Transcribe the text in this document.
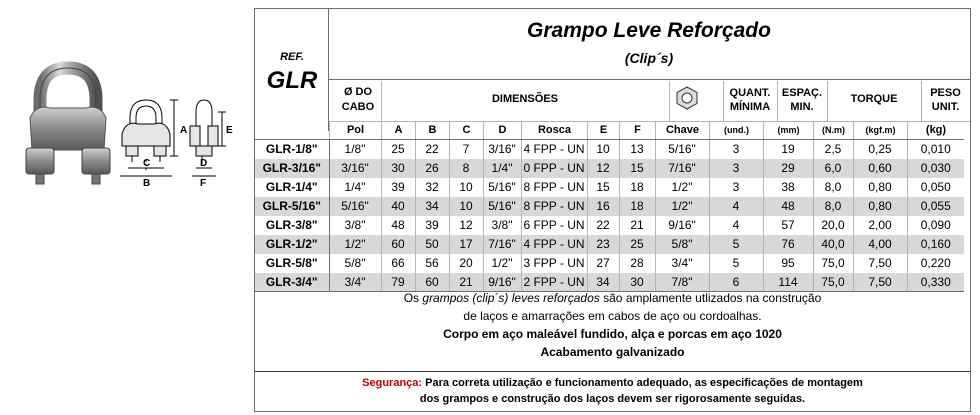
A
C
B
E
D
F
REF.
GLR
Grampo Leve Reforçado
(Clip´s)
Ø DO
CABO
DIMENSÕES	QUANT.
MÍNIMA
ESPAÇ.
MIN.
TORQUE	PESO
UNIT.
Pol	A	B	C	D	Rosca	E	F	Chave	(und.)	(mm)	(N.m)	(kgf.m)	(kg)
GLR-1/8"	1/8"	25	22	7	3/16"	4 FPP - UN	10	13	5/16"	3	19	2,5	0,25	0,010
GLR-3/16"	3/16"	30	26	8	1/4"	0 FPP - UN	12	15	7/16"	3	29	6,0	0,60	0,030
GLR-1/4"	1/4"	39	32	10	5/16"	8 FPP - UN	15	18	1/2"	3	38	8,0	0,80	0,050
GLR-5/16"	5/16"	40	34	10	5/16"	8 FPP - UN	16	18	1/2"	4	48	8,0	0,80	0,055
GLR-3/8"	3/8"	48	39	12	3/8"	6 FPP - UN	22	21	9/16"	4	57	20,0	2,00	0,090
GLR-1/2"	1/2"	60	50	17	7/16"	4 FPP - UN	23	25	5/8"	5	76	40,0	4,00	0,160
GLR-5/8"	5/8"	66	56	20	1/2"	3 FPP - UN	27	28	3/4"	5	95	75,0	7,50	0,220
GLR-3/4"	3/4"	79	60	21	9/16"	2 FPP - UN	34	30	7/8"	6	114	75,0	7,50	0,330
Os grampos (clip´s) leves reforçados são amplamente utlizados na construção
de laços e amarrações em cabos de aço ou cordoalhas.
Corpo em aço maleável fundido, alça e porcas em aço 1020
Acabamento galvanizado
Segurança: Para correta utilização e funcionamento adequado, as especificações de montagem
dos grampos e construção dos laços devem ser rigorosamente seguidas.
